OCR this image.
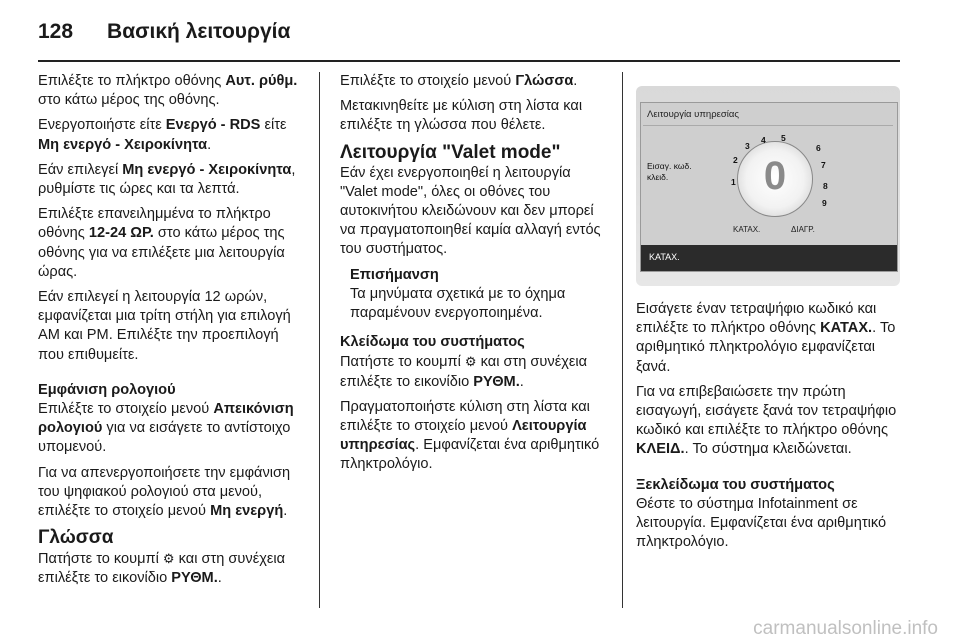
128 Βασική λειτουργία

Επιλέξτε το πλήκτρο οθόνης Αυτ. ρύθμ. στο κάτω μέρος της οθόνης.

Ενεργοποιήστε είτε Ενεργό - RDS είτε Μη ενεργό - Χειροκίνητα.

Εάν επιλεγεί Μη ενεργό - Χειροκίνητα, ρυθμίστε τις ώρες και τα λεπτά.

Επιλέξτε επανειλημμένα το πλήκτρο οθόνης 12-24 ΩΡ. στο κάτω μέρος της οθόνης για να επιλέξετε μια λειτουργία ώρας.

Εάν επιλεγεί η λειτουργία 12 ωρών, εμφανίζεται μια τρίτη στήλη για επιλογή AM και PM. Επιλέξτε την προεπιλογή που επιθυμείτε.

Εμφάνιση ρολογιού

Επιλέξτε το στοιχείο μενού Απεικόνιση ρολογιού για να εισάγετε το αντίστοιχο υπομενού.

Για να απενεργοποιήσετε την εμφάνιση του ψηφιακού ρολογιού στα μενού, επιλέξτε το στοιχείο μενού Μη ενεργή.

Γλώσσα

Πατήστε το κουμπί ⚙ και στη συνέχεια επιλέξτε το εικονίδιο ΡΥΘΜ..

Επιλέξτε το στοιχείο μενού Γλώσσα.

Μετακινηθείτε με κύλιση στη λίστα και επιλέξτε τη γλώσσα που θέλετε.

Λειτουργία "Valet mode"

Εάν έχει ενεργοποιηθεί η λειτουργία "Valet mode", όλες οι οθόνες του αυτοκινήτου κλειδώνουν και δεν μπορεί να πραγματοποιηθεί καμία αλλαγή εντός του συστήματος.

Επισήμανση
Τα μηνύματα σχετικά με το όχημα παραμένουν ενεργοποιημένα.
Κλείδωμα του συστήματος

Πατήστε το κουμπί ⚙ και στη συνέχεια επιλέξτε το εικονίδιο ΡΥΘΜ..

Πραγματοποιήστε κύλιση στη λίστα και επιλέξτε το στοιχείο μενού Λειτουργία υπηρεσίας. Εμφανίζεται ένα αριθμητικό πληκτρολόγιο.

Λειτουργία υπηρεσίας
Εισαγ. κωδ. κλειδ.	0
2
3
4 5
6
7
8
9
1
ΚΑΤΑΧ.	ΔΙΑΓΡ.
ΚΑΤΑΧ.

Εισάγετε έναν τετραψήφιο κωδικό και επιλέξτε το πλήκτρο οθόνης ΚΑΤΑΧ.. Το αριθμητικό πληκτρολόγιο εμφανίζεται ξανά.

Για να επιβεβαιώσετε την πρώτη εισαγωγή, εισάγετε ξανά τον τετραψήφιο κωδικό και επιλέξτε το πλήκτρο οθόνης ΚΛΕΙΔ.. Το σύστημα κλειδώνεται.

Ξεκλείδωμα του συστήματος

Θέστε το σύστημα Infotainment σε λειτουργία. Εμφανίζεται ένα αριθμητικό πληκτρολόγιο.

carmanualsonline.info
